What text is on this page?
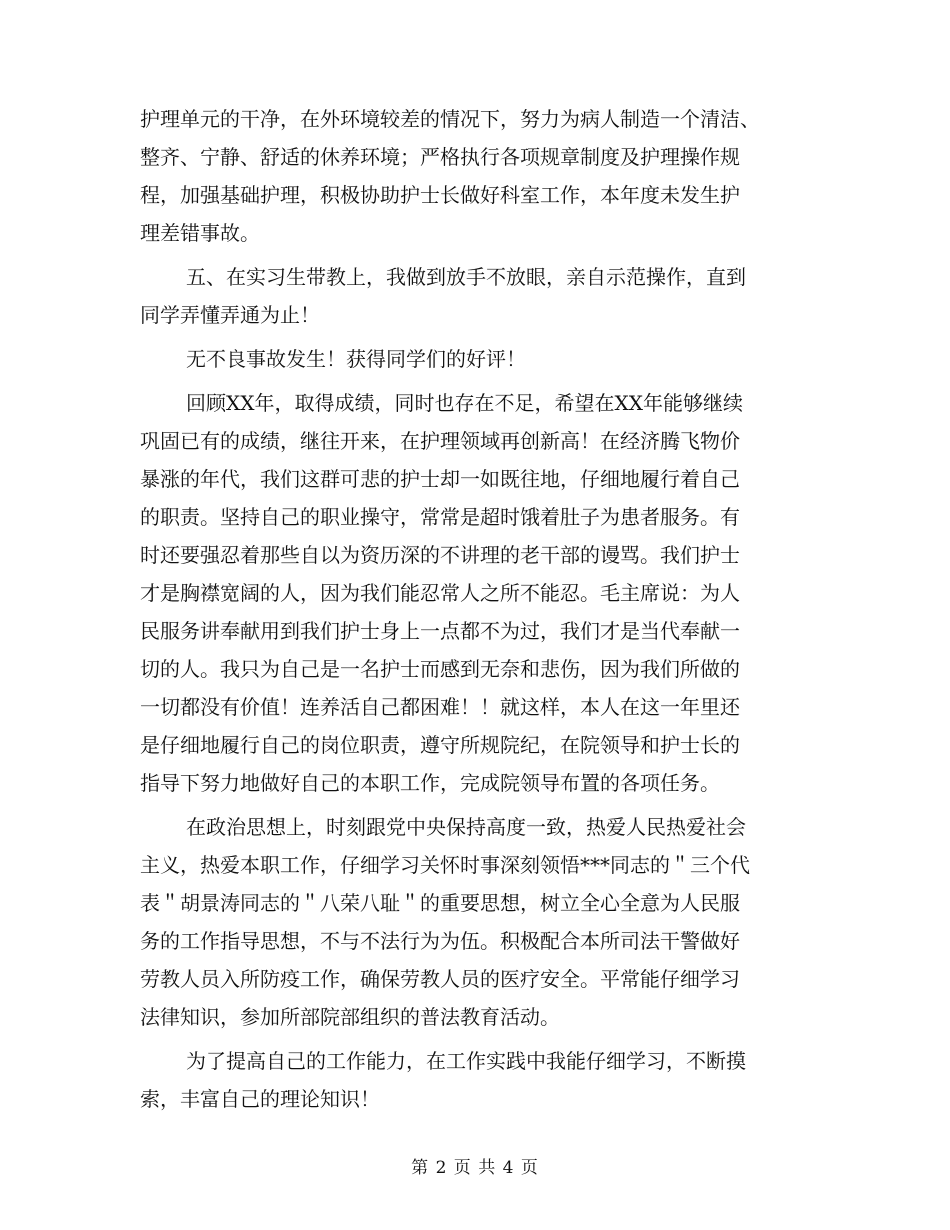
护理单元的干净，在外环境较差的情况下，努力为病人制造一个清洁、
整齐、宁静、舒适的休养环境；严格执行各项规章制度及护理操作规
程，加强基础护理，积极协助护士长做好科室工作，本年度未发生护
理差错事故。
五、在实习生带教上，我做到放手不放眼，亲自示范操作，直到
同学弄懂弄通为止！
无不良事故发生！获得同学们的好评！
回顾XX年，取得成绩，同时也存在不足，希望在XX年能够继续
巩固已有的成绩，继往开来，在护理领域再创新高！在经济腾飞物价
暴涨的年代，我们这群可悲的护士却一如既往地，仔细地履行着自己
的职责。坚持自己的职业操守，常常是超时饿着肚子为患者服务。有
时还要强忍着那些自以为资历深的不讲理的老干部的谩骂。我们护士
才是胸襟宽阔的人，因为我们能忍常人之所不能忍。毛主席说：为人
民服务讲奉献用到我们护士身上一点都不为过，我们才是当代奉献一
切的人。我只为自己是一名护士而感到无奈和悲伤，因为我们所做的
一切都没有价值！连养活自己都困难！！就这样，本人在这一年里还
是仔细地履行自己的岗位职责，遵守所规院纪，在院领导和护士长的
指导下努力地做好自己的本职工作，完成院领导布置的各项任务。
在政治思想上，时刻跟党中央保持高度一致，热爱人民热爱社会
主义，热爱本职工作，仔细学习关怀时事深刻领悟***同志的＂三个代
表＂胡景涛同志的＂八荣八耻＂的重要思想，树立全心全意为人民服
务的工作指导思想，不与不法行为为伍。积极配合本所司法干警做好
劳教人员入所防疫工作，确保劳教人员的医疗安全。平常能仔细学习
法律知识，参加所部院部组织的普法教育活动。
为了提高自己的工作能力，在工作实践中我能仔细学习，不断摸
索，丰富自己的理论知识！
第 2 页 共 4 页
